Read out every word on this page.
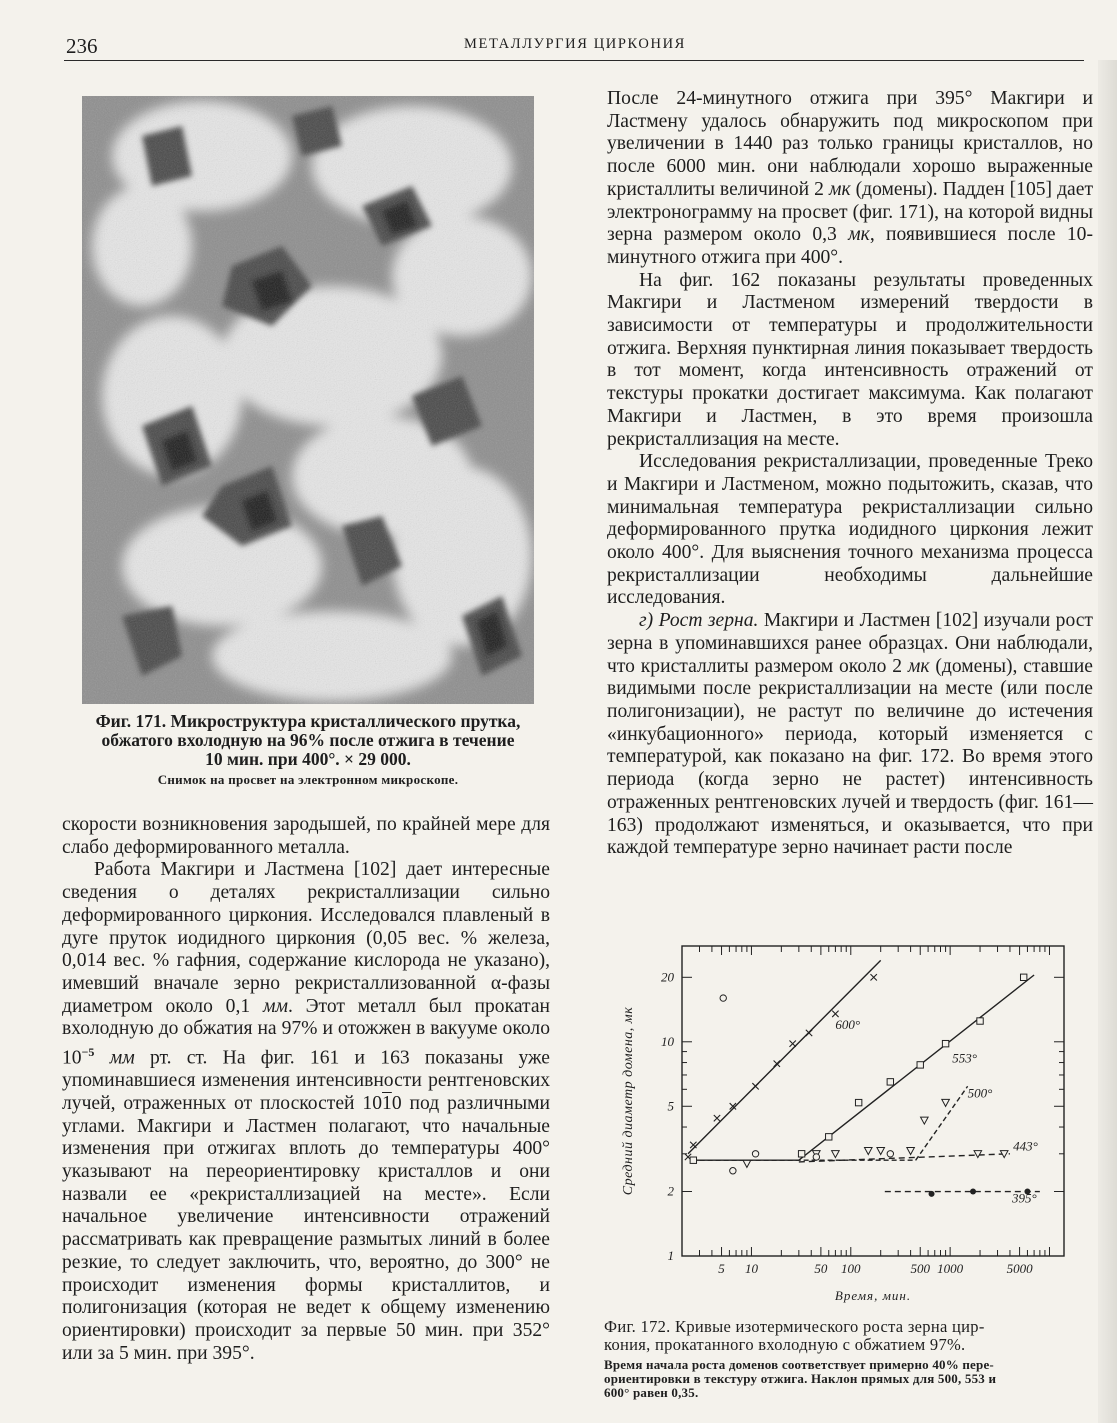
236	МЕТАЛЛУРГИЯ ЦИРКОНИЯ
Фиг. 171. Микроструктура кристаллического прутка,
обжатого вхолодную на 96% после отжига в течение
10 мин. при 400°. × 29 000.
Снимок на просвет на электронном микроскопе.

скорости возникновения зародышей, по крайней мере для слабо деформированного металла.

Работа Макгири и Ластмена [102] дает интересные сведения о деталях рекристаллизации сильно деформированного циркония. Исследовался плавленый в дуге пруток иодидного циркония (0,05 вес. % железа, 0,014 вес. % гафния, содержание кислорода не указано), имевший вначале зерно рекристаллизованной α-фазы диаметром около 0,1 мм. Этот металл был прокатан вхолодную до обжатия на 97% и отожжен в вакууме около $10^{-5}$ мм рт. ст. На фиг. 161 и 163 показаны уже упоминавшиеся изменения интенсивности рентгеновских лучей, отраженных от плоскостей 1010 под различными углами. Макгири и Ластмен полагают, что начальные изменения при отжигах вплоть до температуры 400° указывают на переориентировку кристаллов и они назвали ее «рекристаллизацией на месте». Если начальное увеличение интенсивности отражений рассматривать как превращение размытых линий в более резкие, то следует заключить, что, вероятно, до 300° не происходит изменения формы кристаллитов, и полигонизация (которая не ведет к общему изменению ориентировки) происходит за первые 50 мин. при 352° или за 5 мин. при 395°.

После 24-минутного отжига при 395° Макгири и Ластмену удалось обнаружить под микроскопом при увеличении в 1440 раз только границы кристаллов, но после 6000 мин. они наблюдали хорошо выраженные кристаллиты величиной 2 мк (домены). Падден [105] дает электронограмму на просвет (фиг. 171), на которой видны зерна размером около 0,3 мк, появившиеся после 10-минутного отжига при 400°.

На фиг. 162 показаны результаты проведенных Макгири и Ластменом измерений твердости в зависимости от температуры и продолжительности отжига. Верхняя пунктирная линия показывает твердость в тот момент, когда интенсивность отражений от текстуры прокатки достигает максимума. Как полагают Макгири и Ластмен, в это время произошла рекристаллизация на месте.

Исследования рекристаллизации, проведенные Треко и Макгири и Ластменом, можно подытожить, сказав, что минимальная температура рекристаллизации сильно деформированного прутка иодидного циркония лежит около 400°. Для выяснения точного механизма процесса рекристаллизации необходимы дальнейшие исследования.

г) Рост зерна. Макгири и Ластмен [102] изучали рост зерна в упоминавшихся ранее образцах. Они наблюдали, что кристаллиты размером около 2 мк (домены), ставшие видимыми после рекристаллизации на месте (или после полигонизации), не растут по величине до истечения «инкубационного» периода, который изменяется с температурой, как показано на фиг. 172. Во время этого периода (когда зерно не растет) интенсивность отраженных рентгеновских лучей и твердость (фиг. 161—163) продолжают изменяться, и оказывается, что при каждой температуре зерно начинает расти после

5 10	50 100	500 1000	5000
1
2
5
10
20
Время, мин.
Средний диаметр домена, мк	600°
553°
500°
443°
395°
Фиг. 172. Кривые изотермического роста зерна цир-
кония, прокатанного вхолодную с обжатием 97%.
Время начала роста доменов соответствует примерно 40% пере-
ориентировки в текстуру отжига. Наклон прямых для 500, 553 и
600° равен 0,35.
